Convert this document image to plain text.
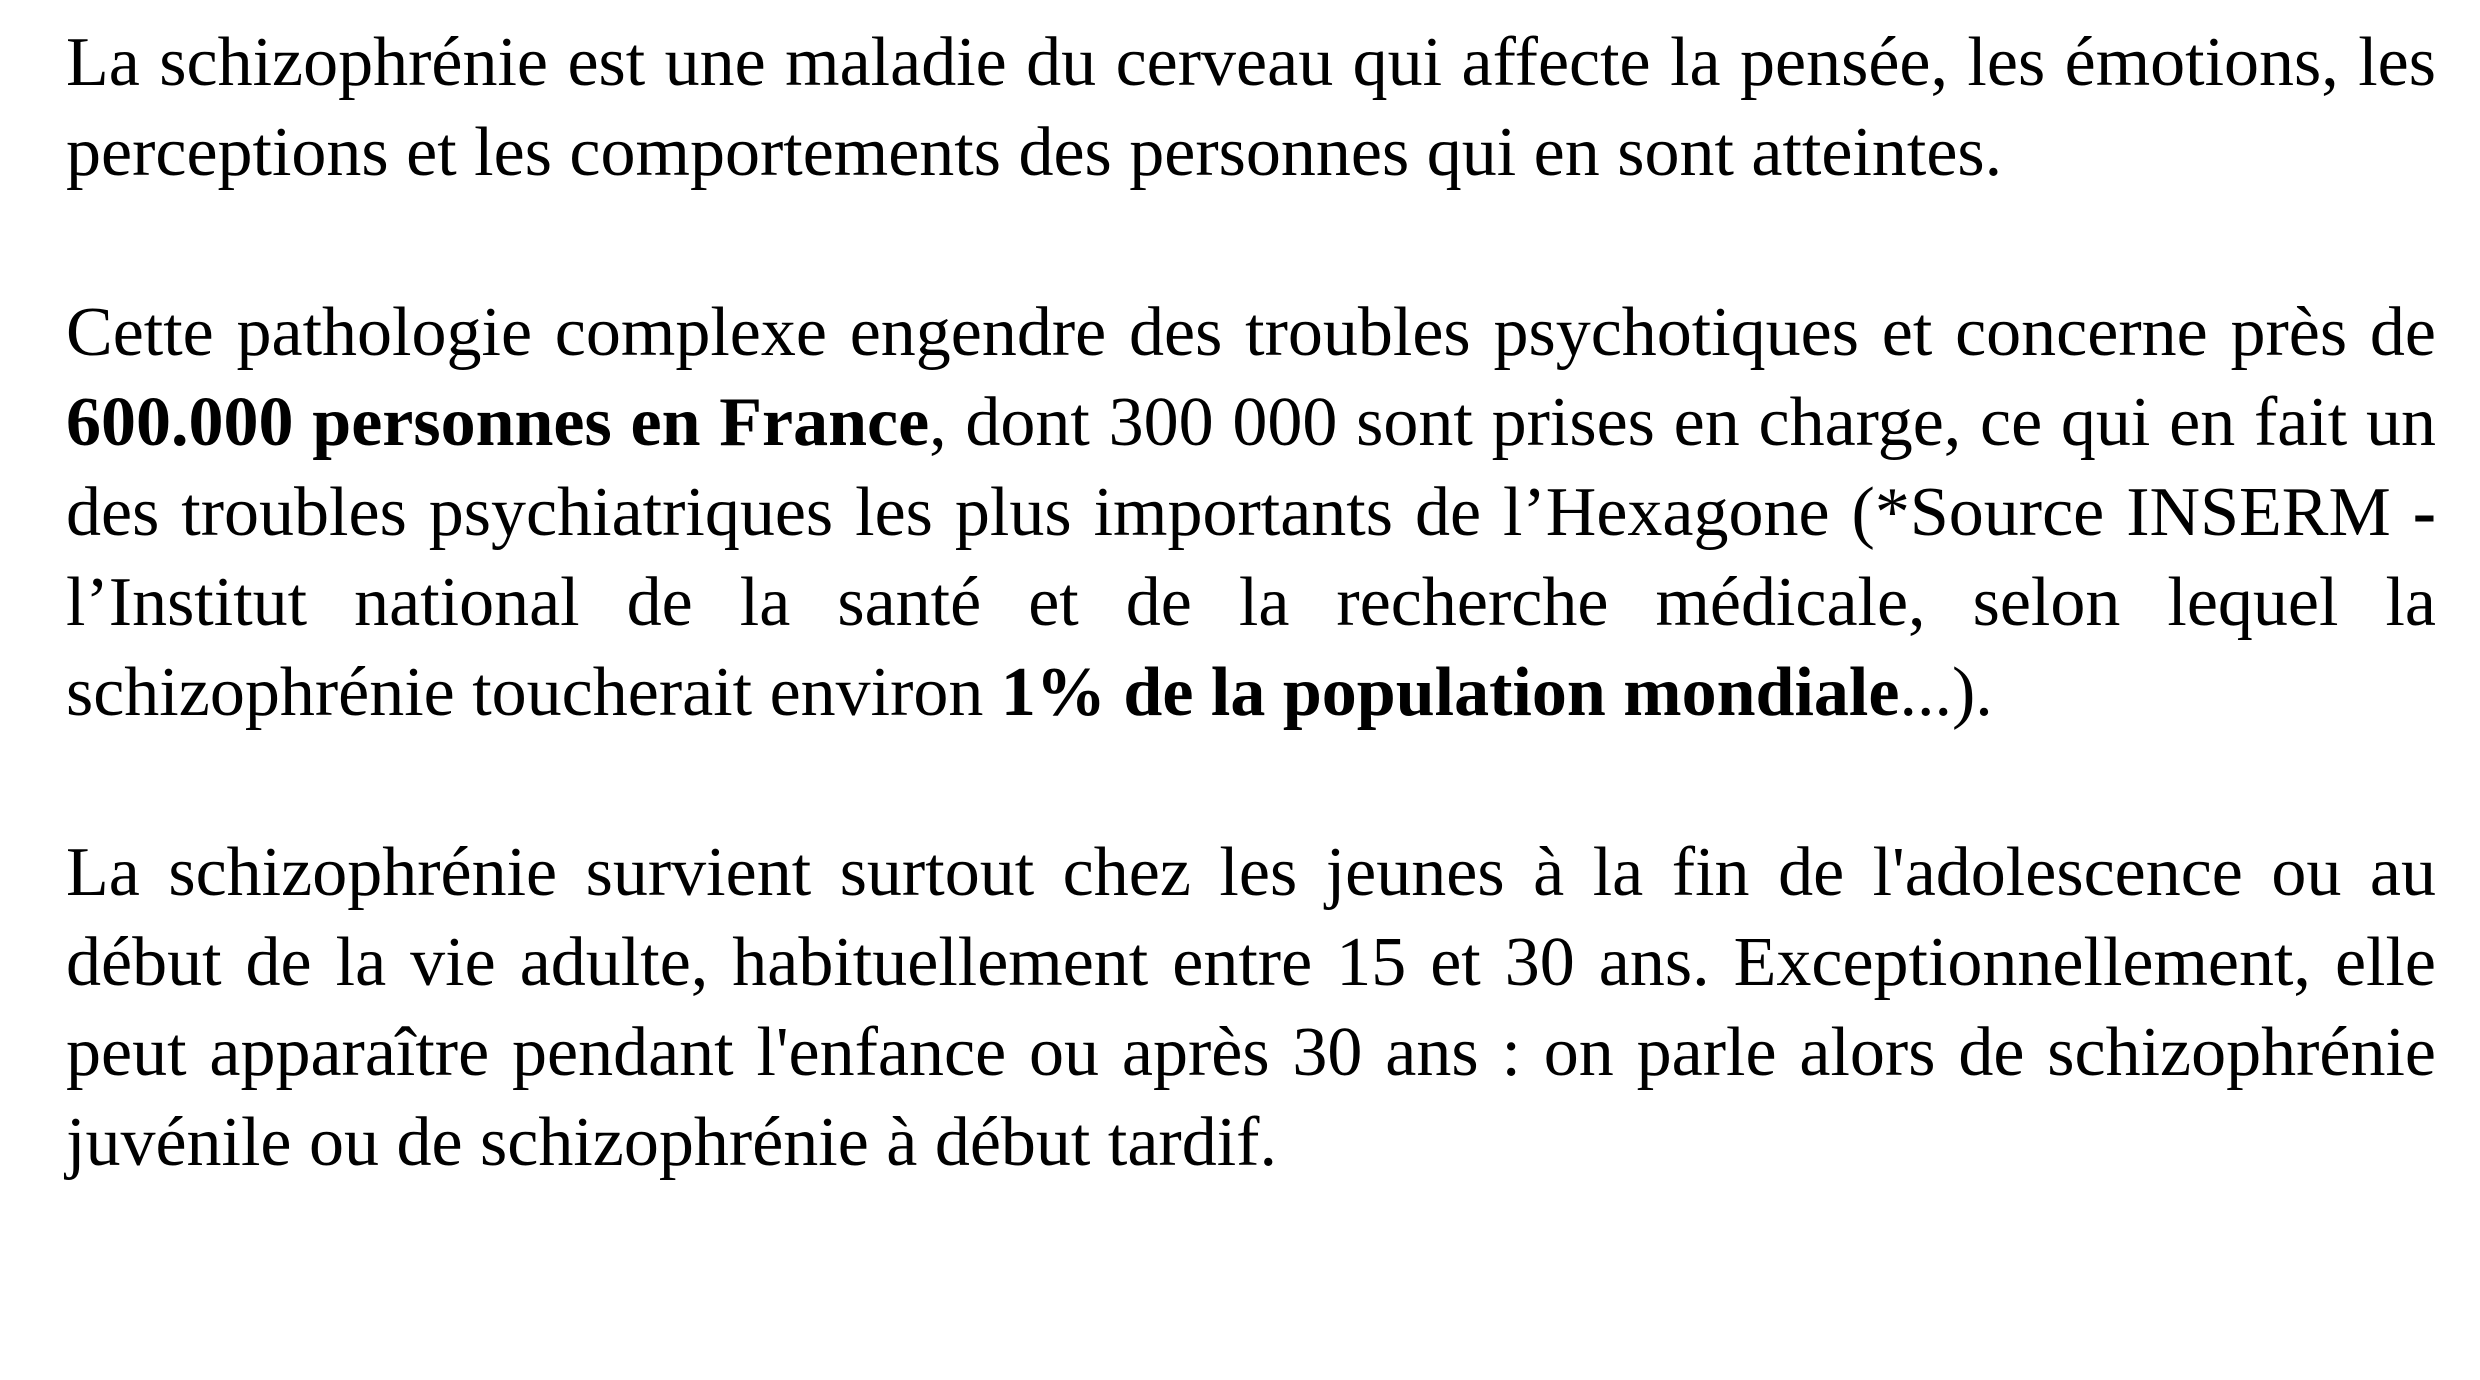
La schizophrénie est une maladie du cerveau qui affecte la pensée, les émotions, les perceptions et les comportements des personnes qui en sont atteintes.

Cette pathologie complexe engendre des troubles psychotiques et concerne près de 600.000 personnes en France, dont 300 000 sont prises en charge, ce qui en fait un des troubles psychiatriques les plus importants de l’Hexagone (*Source INSERM - l’Institut national de la santé et de la recherche médicale, selon lequel la schizophrénie toucherait environ 1% de la population mondiale...).

La schizophrénie survient surtout chez les jeunes à la fin de l'adolescence ou au début de la vie adulte, habituellement entre 15 et 30 ans. Exceptionnellement, elle peut apparaître pendant l'enfance ou après 30 ans : on parle alors de schizophrénie juvénile ou de schizophrénie à début tardif.
